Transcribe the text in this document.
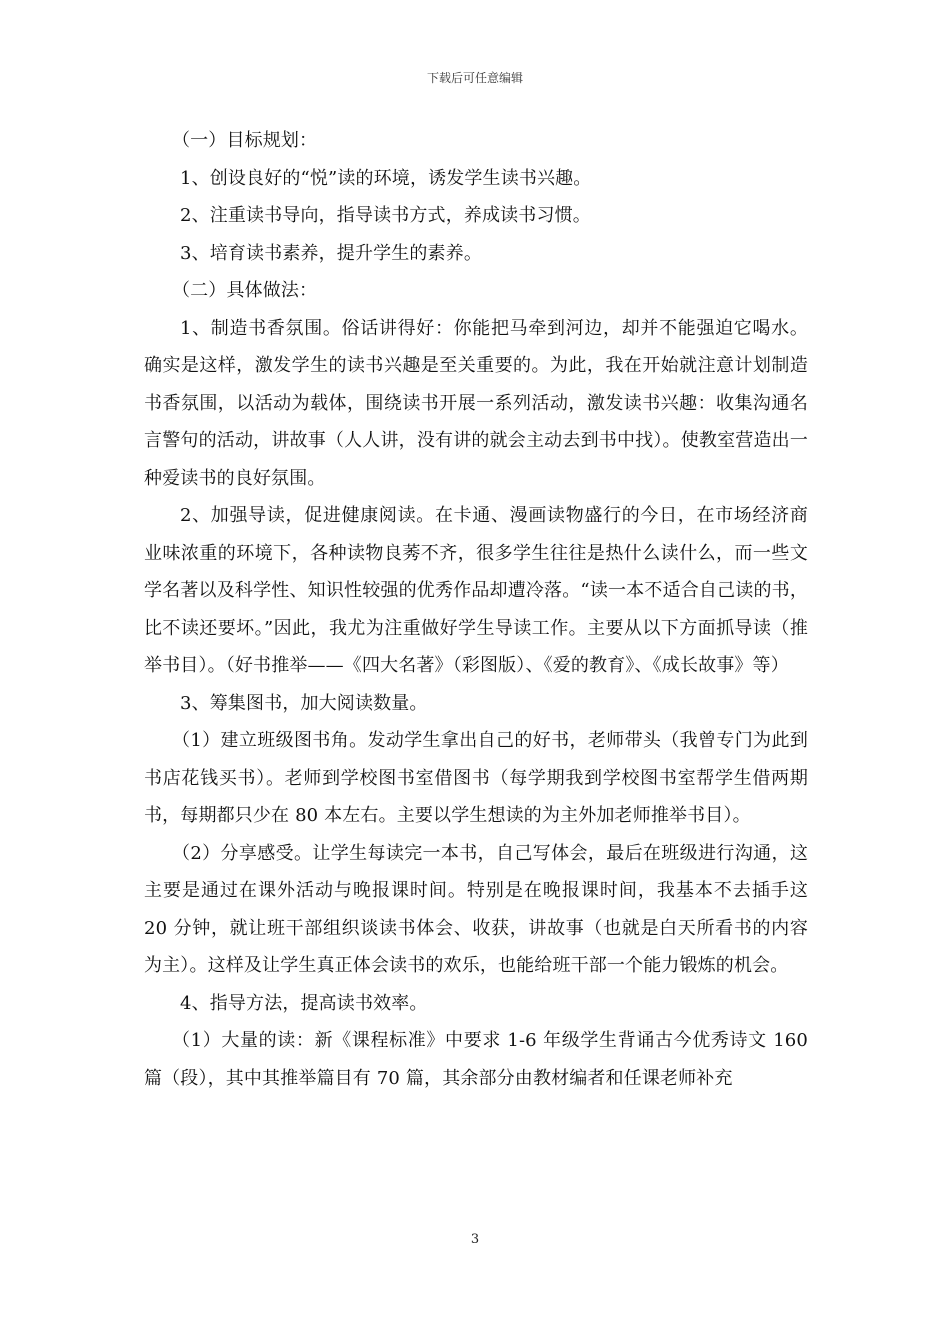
下载后可任意编辑

（一）目标规划：

1、创设良好的“悦”读的环境，诱发学生读书兴趣。

2、注重读书导向，指导读书方式，养成读书习惯。

3、培育读书素养，提升学生的素养。

（二）具体做法：

1、制造书香氛围。俗话讲得好：你能把马牵到河边，却并不能强迫它喝水。确实是这样，激发学生的读书兴趣是至关重要的。为此，我在开始就注意计划制造书香氛围，以活动为载体，围绕读书开展一系列活动，激发读书兴趣：收集沟通名言警句的活动，讲故事（人人讲，没有讲的就会主动去到书中找）。使教室营造出一种爱读书的良好氛围。

2、加强导读，促进健康阅读。在卡通、漫画读物盛行的今日，在市场经济商业味浓重的环境下，各种读物良莠不齐，很多学生往往是热什么读什么，而一些文学名著以及科学性、知识性较强的优秀作品却遭冷落。“读一本不适合自己读的书，比不读还要坏。”因此，我尤为注重做好学生导读工作。主要从以下方面抓导读（推举书目）。（好书推举——《四大名著》（彩图版）、《爱的教育》、《成长故事》等）

3、筹集图书，加大阅读数量。

（1）建立班级图书角。发动学生拿出自己的好书，老师带头（我曾专门为此到书店花钱买书）。老师到学校图书室借图书（每学期我到学校图书室帮学生借两期书，每期都只少在 80 本左右。主要以学生想读的为主外加老师推举书目）。

（2）分享感受。让学生每读完一本书，自己写体会，最后在班级进行沟通，这主要是通过在课外活动与晚报课时间。特别是在晚报课时间，我基本不去插手这 20 分钟，就让班干部组织谈读书体会、收获，讲故事（也就是白天所看书的内容为主）。这样及让学生真正体会读书的欢乐，也能给班干部一个能力锻炼的机会。

4、指导方法，提高读书效率。

（1）大量的读：新《课程标准》中要求 1-6 年级学生背诵古今优秀诗文 160 篇（段），其中其推举篇目有 70 篇，其余部分由教材编者和任课老师补充

3
